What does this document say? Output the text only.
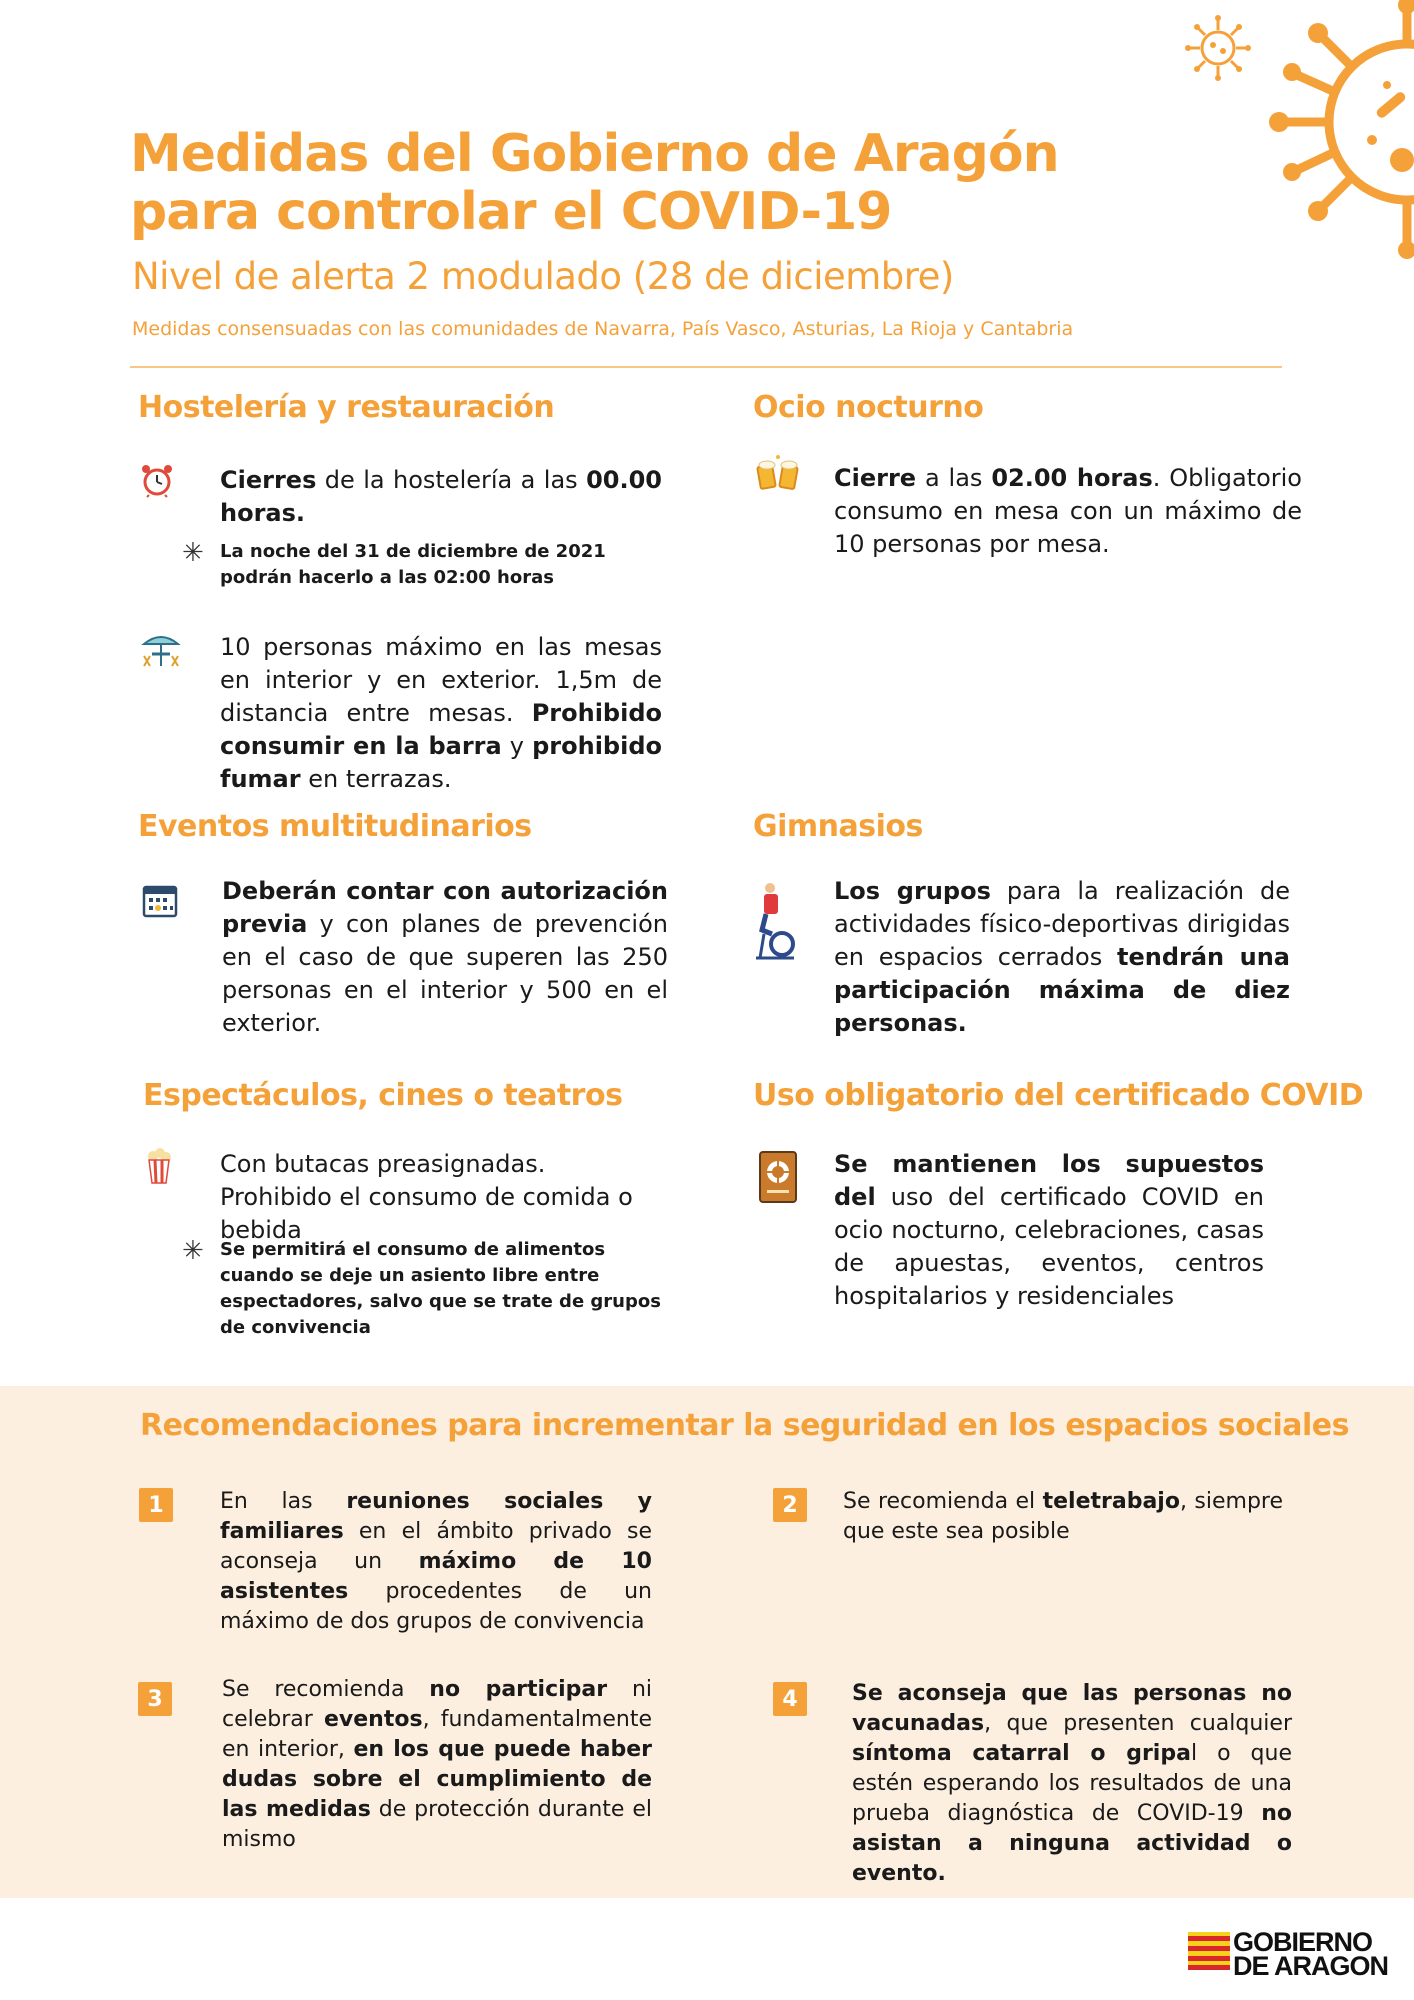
Medidas del Gobierno de Aragón
para controlar el COVID-19

Nivel de alerta 2 modulado (28 de diciembre)

Medidas consensuadas con las comunidades de Navarra, País Vasco, Asturias, La Rioja y Cantabria

Hostelería y restauración

Cierres de la hostelería a las 00.00 horas.

✳ La noche del 31 de diciembre de 2021 podrán hacerlo a las 02:00 horas

10 personas máximo en las mesas en interior y en exterior. 1,5m de distancia entre mesas. Prohibido consumir en la barra y prohibido fumar en terrazas.

Ocio nocturno

Cierre a las 02.00 horas. Obligatorio consumo en mesa con un máximo de 10 personas por mesa.

Eventos multitudinarios

Deberán contar con autorización previa y con planes de prevención en el caso de que superen las 250 personas en el interior y 500 en el exterior.

Gimnasios

Los grupos para la realización de actividades físico-deportivas dirigidas en espacios cerrados tendrán una participación máxima de diez personas.

Espectáculos, cines o teatros

Con butacas preasignadas. Prohibido el consumo de comida o bebida

✳ Se permitirá el consumo de alimentos cuando se deje un asiento libre entre espectadores, salvo que se trate de grupos de convivencia

Uso obligatorio del certificado COVID

Se mantienen los supuestos del uso del certificado COVID en ocio nocturno, celebraciones, casas de apuestas, eventos, centros hospitalarios y residenciales

Recomendaciones para incrementar la seguridad en los espacios sociales
1	En las reuniones sociales y familiares en el ámbito privado se aconseja un máximo de 10 asistentes procedentes de un máximo de dos grupos de convivencia

2	Se recomienda el teletrabajo, siempre que este sea posible

3	Se recomienda no participar ni celebrar eventos, fundamentalmente en interior, en los que puede haber dudas sobre el cumplimiento de las medidas de protección durante el mismo

4	Se aconseja que las personas no vacunadas, que presenten cualquier síntoma catarral o gripal o que estén esperando los resultados de una prueba diagnóstica de COVID-19 no asistan a ninguna actividad o evento.

GOBIERNO
DE ARAGON
